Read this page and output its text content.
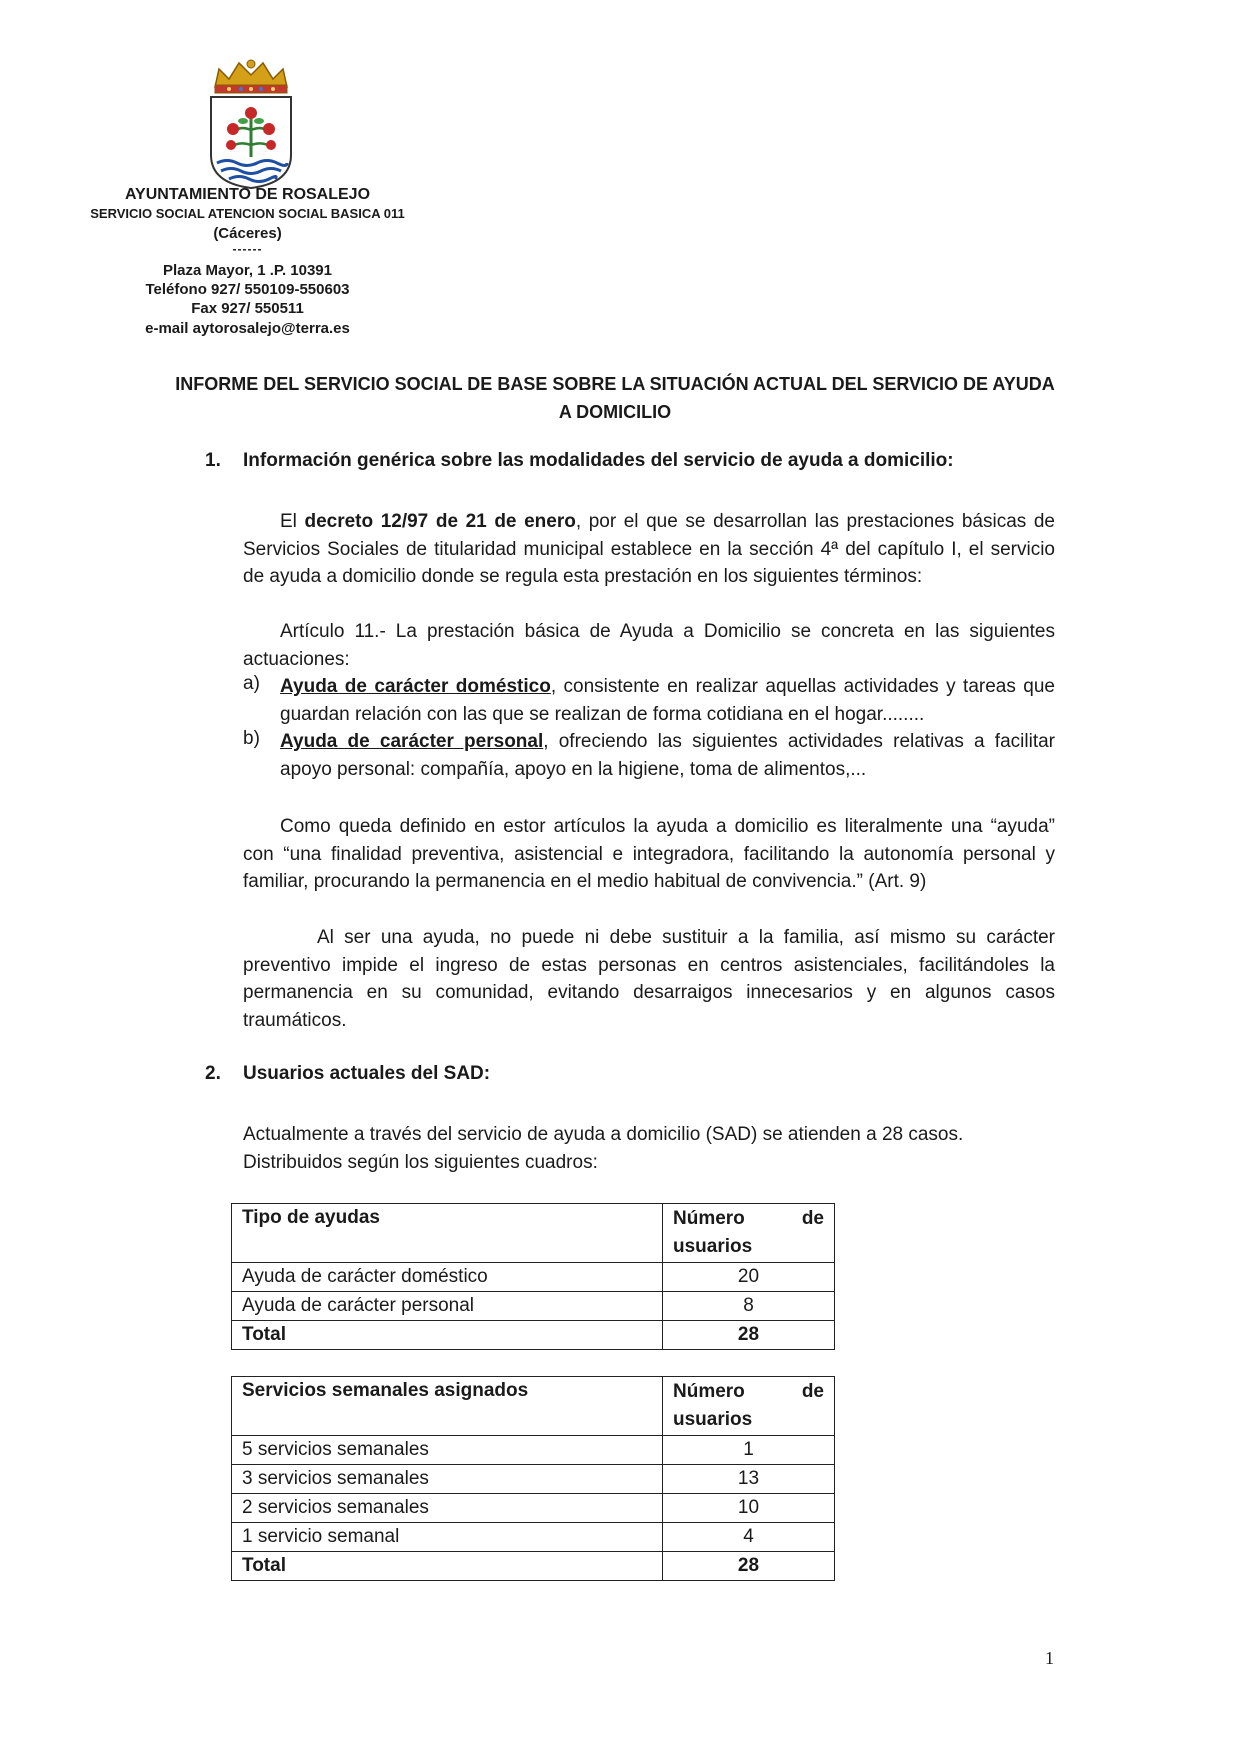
AYUNTAMIENTO DE ROSALEJO
SERVICIO SOCIAL ATENCION SOCIAL BASICA 011
(Cáceres)
------
Plaza Mayor, 1 .P. 10391
Teléfono 927/ 550109-550603
Fax 927/ 550511
e-mail aytorosalejo@terra.es
INFORME DEL SERVICIO SOCIAL DE BASE SOBRE LA SITUACIÓN ACTUAL DEL SERVICIO DE AYUDA A DOMICILIO
1. Información genérica sobre las modalidades del servicio de ayuda a domicilio:
El decreto 12/97 de 21 de enero, por el que se desarrollan las prestaciones básicas de Servicios Sociales de titularidad municipal establece en la sección 4ª del capítulo I, el servicio de ayuda a domicilio donde se regula esta prestación en los siguientes términos:
Artículo 11.- La prestación básica de Ayuda a Domicilio se concreta en las siguientes actuaciones:
a) Ayuda de carácter doméstico, consistente en realizar aquellas actividades y tareas que guardan relación con las que se realizan de forma cotidiana en el hogar........
b) Ayuda de carácter personal, ofreciendo las siguientes actividades relativas a facilitar apoyo personal: compañía, apoyo en la higiene, toma de alimentos,...
Como queda definido en estor artículos la ayuda a domicilio es literalmente una “ayuda” con “una finalidad preventiva, asistencial e integradora, facilitando la autonomía personal y familiar, procurando la permanencia en el medio habitual de convivencia.” (Art. 9)
Al ser una ayuda, no puede ni debe sustituir a la familia, así mismo su carácter preventivo impide el ingreso de estas personas en centros asistenciales, facilitándoles la permanencia en su comunidad, evitando desarraigos innecesarios y en algunos casos traumáticos.
2. Usuarios actuales del SAD:
Actualmente a través del servicio de ayuda a domicilio (SAD) se atienden a 28 casos. Distribuidos según los siguientes cuadros:
Tipo de ayudas	Número de
usuarios

Ayuda de carácter doméstico	20
Ayuda de carácter personal	8
Total	28
Servicios semanales asignados	Número de
usuarios

5 servicios semanales	1
3 servicios semanales	13
2 servicios semanales	10
1 servicio semanal	4
Total	28
1
